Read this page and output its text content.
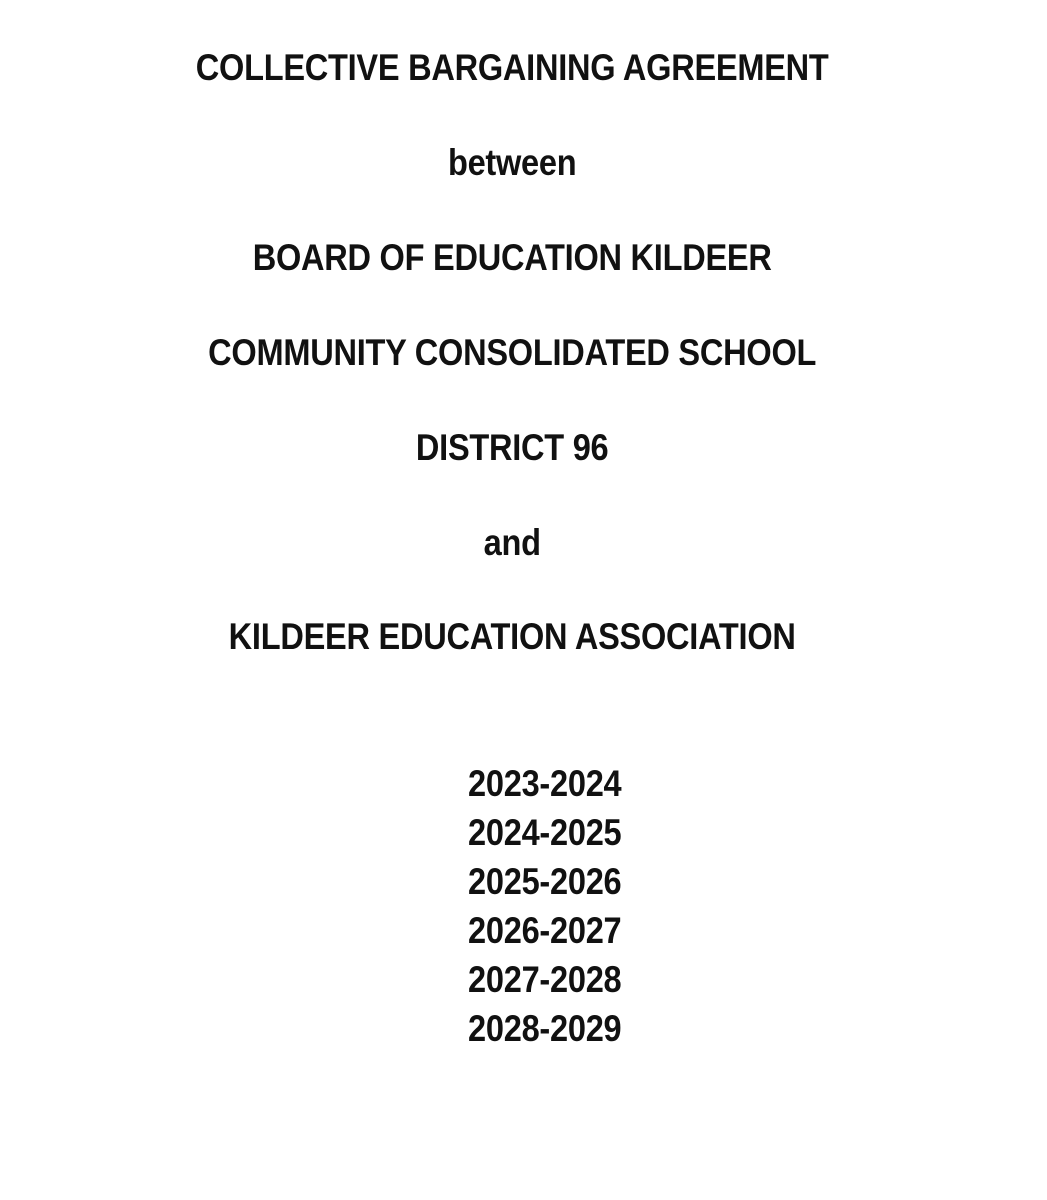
COLLECTIVE BARGAINING AGREEMENT
between
BOARD OF EDUCATION KILDEER
COMMUNITY CONSOLIDATED SCHOOL
DISTRICT 96
and
KILDEER EDUCATION ASSOCIATION
2023-2024
2024-2025
2025-2026
2026-2027
2027-2028
2028-2029
